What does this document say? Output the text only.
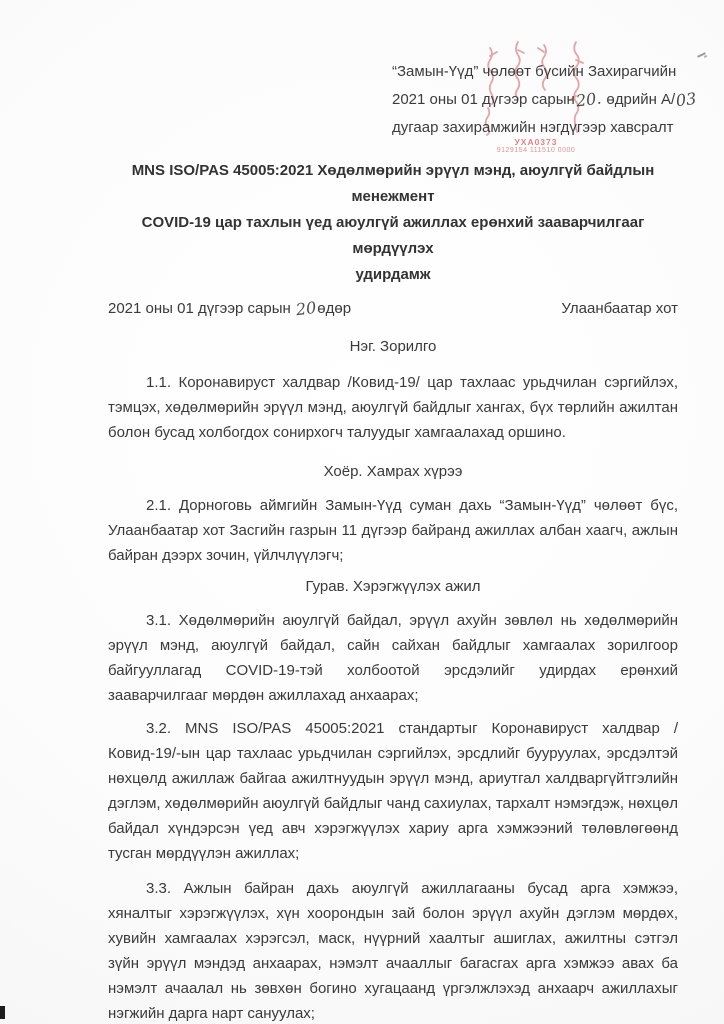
УХА0373
9129154 111510 0000
“Замын-Үүд” чөлөөт бүсийн Захирагчийн
2021 оны 01 дүгээр сарын20. өдрийн А/03
дугаар захирамжийн нэгдүгээр хавсралт
MNS ISO/PAS 45005:2021 Хөдөлмөрийн эрүүл мэнд, аюулгүй байдлын менежмент
COVID-19 цар тахлын үед аюулгүй ажиллах ерөнхий зааварчилгааг мөрдүүлэх
удирдамж
2021 оны 01 дүгээр сарын 20өдөр	Улаанбаатар хот
Нэг. Зорилго

1.1. Коронавируст халдвар /Ковид-19/ цар тахлаас урьдчилан сэргийлэх, тэмцэх, хөдөлмөрийн эрүүл мэнд, аюулгүй байдлыг хангах, бүх төрлийн ажилтан болон бусад холбогдох сонирхогч талуудыг хамгаалахад оршино.

Хоёр. Хамрах хүрээ

2.1. Дорноговь аймгийн Замын-Үүд суман дахь “Замын-Үүд” чөлөөт бүс, Улаанбаатар хот Засгийн газрын 11 дүгээр байранд ажиллах албан хаагч, ажлын байран дээрх зочин, үйлчлүүлэгч;

Гурав. Хэрэгжүүлэх ажил

3.1. Хөдөлмөрийн аюулгүй байдал, эрүүл ахуйн зөвлөл нь хөдөлмөрийн эрүүл мэнд, аюулгүй байдал, сайн сайхан байдлыг хамгаалах зорилгоор байгууллагад COVID-19-тэй холбоотой эрсдэлийг удирдах ерөнхий зааварчилгааг мөрдөн ажиллахад анхаарах;

3.2. MNS ISO/PAS 45005:2021 стандартыг Коронавируст халдвар /Ковид-19/-ын цар тахлаас урьдчилан сэргийлэх, эрсдлийг бууруулах, эрсдэлтэй нөхцөлд ажиллаж байгаа ажилтнуудын эрүүл мэнд, ариутгал халдваргүйтгэлийн дэглэм, хөдөлмөрийн аюулгүй байдлыг чанд сахиулах, тархалт нэмэгдэж, нөхцөл байдал хүндэрсэн үед авч хэрэгжүүлэх хариу арга хэмжээний төлөвлөгөөнд тусган мөрдүүлэн ажиллах;

3.3. Ажлын байран дахь аюулгүй ажиллагааны бусад арга хэмжээ, хяналтыг хэрэгжүүлэх, хүн хоорондын зай болон эрүүл ахуйн дэглэм мөрдөх, хувийн хамгаалах хэрэгсэл, маск, нүүрний хаалтыг ашиглах, ажилтны сэтгэл зүйн эрүүл мэндэд анхаарах, нэмэлт ачааллыг багасгах арга хэмжээ авах ба нэмэлт ачаалал нь зөвхөн богино хугацаанд үргэлжлэхэд анхаарч ажиллахыг нэгжийн дарга нарт сануулах;
